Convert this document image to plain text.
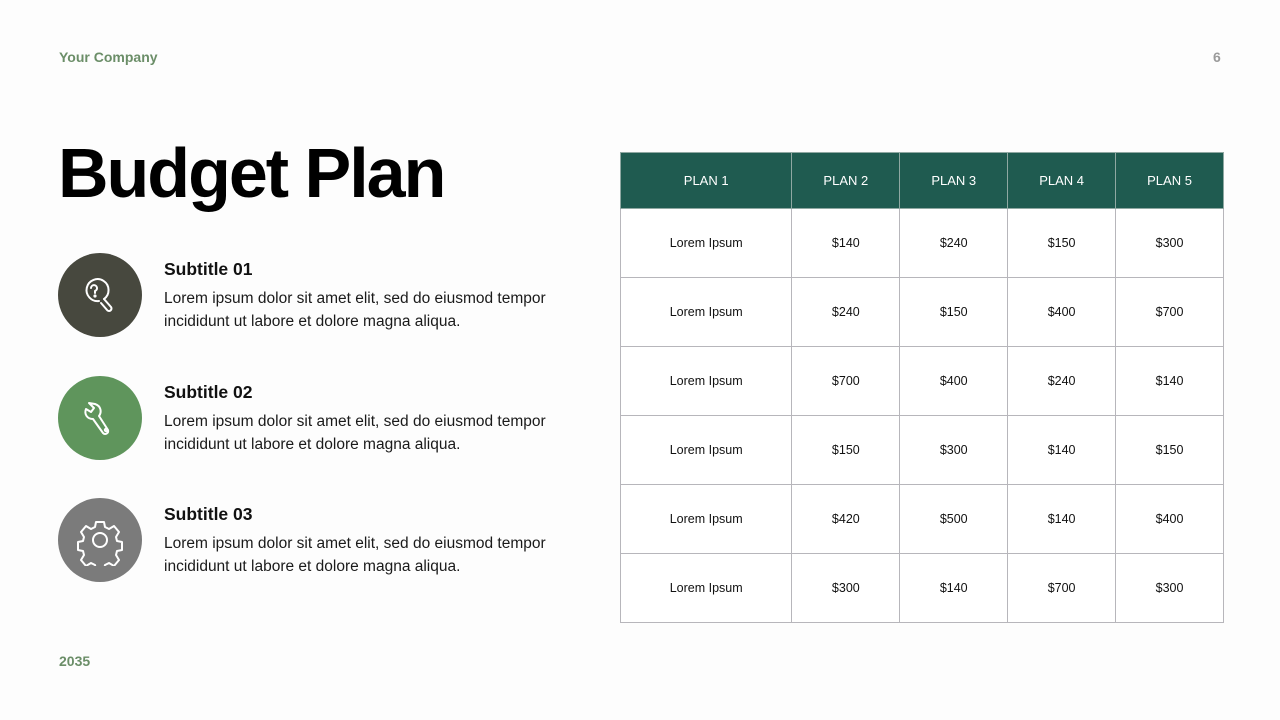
Your Company	6
Budget Plan
Subtitle 01
Lorem ipsum dolor sit amet elit, sed do eiusmod tempor incididunt ut labore et dolore magna aliqua.
Subtitle 02
Lorem ipsum dolor sit amet elit, sed do eiusmod tempor incididunt ut labore et dolore magna aliqua.
Subtitle 03
Lorem ipsum dolor sit amet elit, sed do eiusmod tempor incididunt ut labore et dolore magna aliqua.
PLAN 1	PLAN 2	PLAN 3	PLAN 4	PLAN 5
Lorem Ipsum	$140	$240	$150	$300
Lorem Ipsum	$240	$150	$400	$700
Lorem Ipsum	$700	$400	$240	$140
Lorem Ipsum	$150	$300	$140	$150
Lorem Ipsum	$420	$500	$140	$400
Lorem Ipsum	$300	$140	$700	$300
2035
